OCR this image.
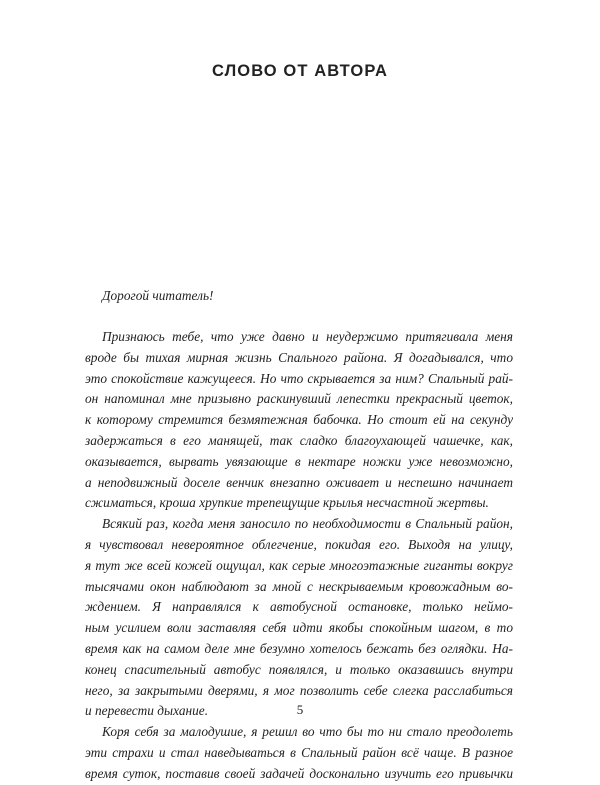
СЛОВО ОТ АВТОРА
Дорогой читатель!
Признаюсь тебе, что уже давно и неудержимо притягивала меня
вроде бы тихая мирная жизнь Спального района. Я догадывался, что
это спокойствие кажущееся. Но что скрывается за ним? Спальный рай-
он напоминал мне призывно раскинувший лепестки прекрасный цветок,
к которому стремится безмятежная бабочка. Но стоит ей на секунду
задержаться в его манящей, так сладко благоухающей чашечке, как,
оказывается, вырвать увязающие в нектаре ножки уже невозможно,
а неподвижный доселе венчик внезапно оживает и неспешно начинает
сжиматься, кроша хрупкие трепещущие крылья несчастной жертвы.
Всякий раз, когда меня заносило по необходимости в Спальный район,
я чувствовал невероятное облегчение, покидая его. Выходя на улицу,
я тут же всей кожей ощущал, как серые многоэтажные гиганты вокруг
тысячами окон наблюдают за мной с нескрываемым кровожадным во-
ждением. Я направлялся к автобусной остановке, только неймо-
ным усилием воли заставляя себя идти якобы спокойным шагом, в то
время как на самом деле мне безумно хотелось бежать без оглядки. На-
конец спасительный автобус появлялся, и только оказавшись внутри
него, за закрытыми дверями, я мог позволить себе слегка расслабиться
и перевести дыхание.
Коря себя за малодушие, я решил во что бы то ни стало преодолеть
эти страхи и стал наведываться в Спальный район всё чаще. В разное
время суток, поставив своей задачей досконально изучить его привычки
5
